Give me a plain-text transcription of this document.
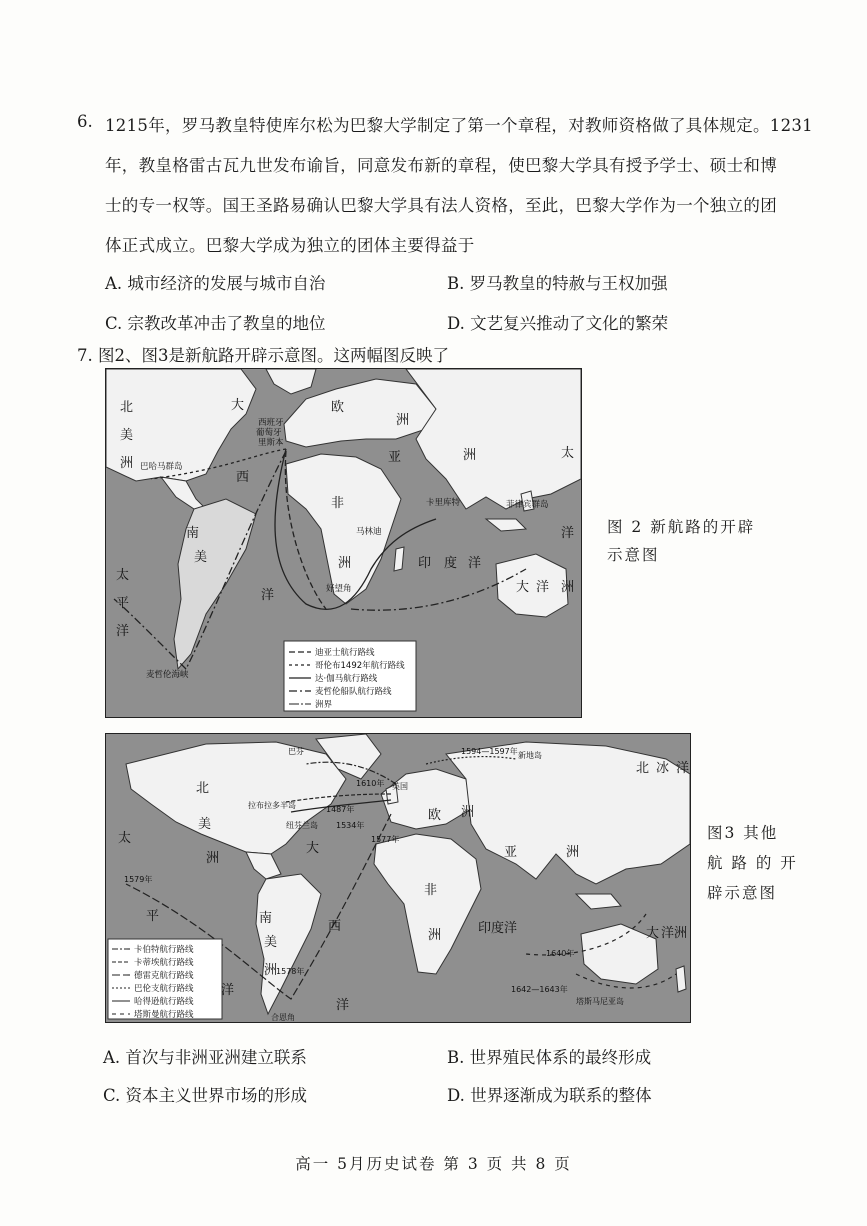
6. 1215年，罗马教皇特使库尔松为巴黎大学制定了第一个章程，对教师资格做了具体规定。1231
年，教皇格雷古瓦九世发布谕旨，同意发布新的章程，使巴黎大学具有授予学士、硕士和博
士的专一权等。国王圣路易确认巴黎大学具有法人资格，至此，巴黎大学作为一个独立的团
体正式成立。巴黎大学成为独立的团体主要得益于
A. 城市经济的发展与城市自治	B. 罗马教皇的特赦与王权加强
C. 宗教改革冲击了教皇的地位	D. 文艺复兴推动了文化的繁荣
7. 图2、图3是新航路开辟示意图。这两幅图反映了
迪亚士航行路线
哥伦布1492年航行路线
达·伽马航行路线
麦哲伦船队航行路线
洲界
北
美
洲
大
西
洋
欧
洲
亚	洲
非
洲
南
美
太
平
洋
太
洋
印 度 洋
大 洋 洲
西班牙
葡萄牙
里斯本
巴哈马群岛
卡里库特	菲律宾群岛
马林迪
好望角
麦哲伦海峡
图 2 新航路的开辟
示意图
卡伯特航行路线
卡蒂埃航行路线
德雷克航行路线
巴伦支航行路线
哈得逊航行路线
塔斯曼航行路线
北
美
洲
太
平
洋
大
西
洋
欧 洲
亚	洲
非
洲
南
美
洲
印度洋
北 冰 洋
大 洋洲
1594—1597年 新地岛
巴芬
1610年
1487年
1534年
拉布拉多半岛
纽芬兰岛
英国
1579年
1578年
1577年
1640年
1642—1643年
塔斯马尼亚岛
合恩角
图3 其他
航 路 的 开
辟示意图
A. 首次与非洲亚洲建立联系	B. 世界殖民体系的最终形成
C. 资本主义世界市场的形成	D. 世界逐渐成为联系的整体
高一 5月历史试卷 第 3 页 共 8 页
